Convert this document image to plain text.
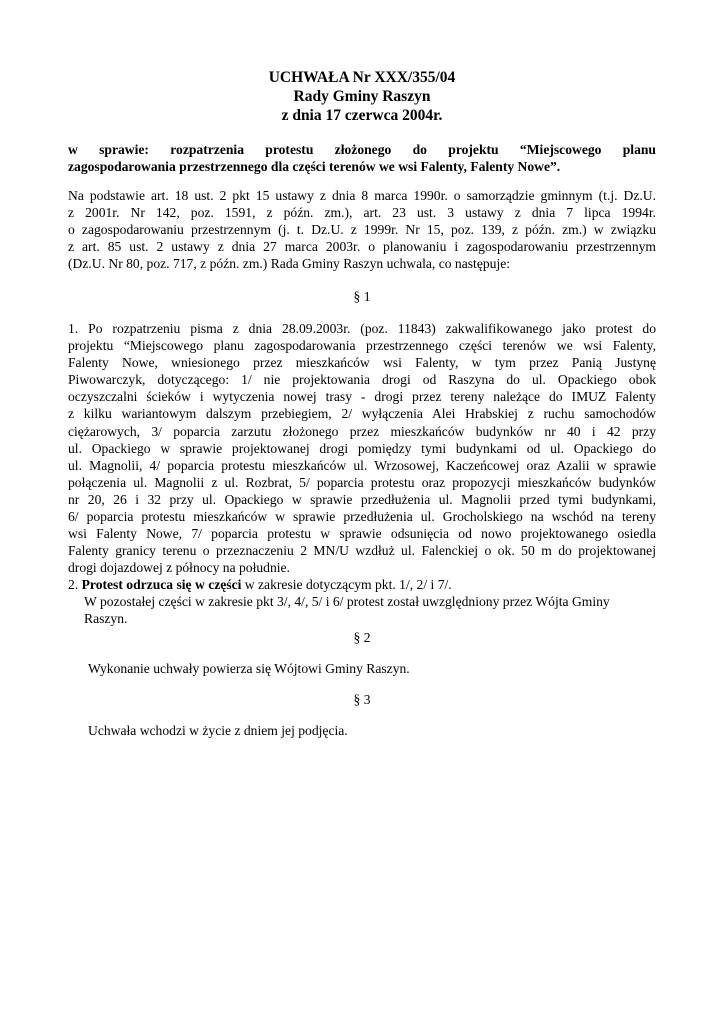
UCHWAŁA Nr XXX/355/04

Rady Gminy Raszyn

z dnia 17 czerwca 2004r.

w sprawie: rozpatrzenia protestu złożonego do projektu “Miejscowego planu
zagospodarowania przestrzennego dla części terenów we wsi Falenty, Falenty Nowe”.

Na podstawie art. 18 ust. 2 pkt 15 ustawy z dnia 8 marca 1990r. o samorządzie gminnym (t.j. Dz.U.
z 2001r. Nr 142, poz. 1591, z późn. zm.), art. 23 ust. 3 ustawy z dnia 7 lipca 1994r.
o zagospodarowaniu przestrzennym (j. t. Dz.U. z 1999r. Nr 15, poz. 139, z późn. zm.) w związku
z art. 85 ust. 2 ustawy z dnia 27 marca 2003r. o planowaniu i zagospodarowaniu przestrzennym
(Dz.U. Nr 80, poz. 717, z późn. zm.) Rada Gminy Raszyn uchwala, co następuje:

§ 1

1. Po rozpatrzeniu pisma z dnia 28.09.2003r. (poz. 11843) zakwalifikowanego jako protest do
projektu “Miejscowego planu zagospodarowania przestrzennego części terenów we wsi Falenty,
Falenty Nowe, wniesionego przez mieszkańców wsi Falenty, w tym przez Panią Justynę
Piwowarczyk, dotyczącego: 1/ nie projektowania drogi od Raszyna do ul. Opackiego obok
oczyszczalni ścieków i wytyczenia nowej trasy - drogi przez tereny należące do IMUZ Falenty
z kilku wariantowym dalszym przebiegiem, 2/ wyłączenia Alei Hrabskiej z ruchu samochodów
ciężarowych, 3/ poparcia zarzutu złożonego przez mieszkańców budynków nr 40 i 42 przy
ul. Opackiego w sprawie projektowanej drogi pomiędzy tymi budynkami od ul. Opackiego do
ul. Magnolii, 4/ poparcia protestu mieszkańców ul. Wrzosowej, Kaczeńcowej oraz Azalii w sprawie
połączenia ul. Magnolii z ul. Rozbrat, 5/ poparcia protestu oraz propozycji mieszkańców budynków
nr 20, 26 i 32 przy ul. Opackiego w sprawie przedłużenia ul. Magnolii przed tymi budynkami,
6/ poparcia protestu mieszkańców w sprawie przedłużenia ul. Grocholskiego na wschód na tereny
wsi Falenty Nowe, 7/ poparcia protestu w sprawie odsunięcia od nowo projektowanego osiedla
Falenty granicy terenu o przeznaczeniu 2 MN/U wzdłuż ul. Falenckiej o ok. 50 m do projektowanej
drogi dojazdowej z północy na południe.

2. Protest odrzuca się w części w zakresie dotyczącym pkt. 1/, 2/ i 7/.

W pozostałej części w zakresie pkt 3/, 4/, 5/ i 6/ protest został uwzględniony przez Wójta Gminy

Raszyn.

§ 2

Wykonanie uchwały powierza się Wójtowi Gminy Raszyn.

§ 3

Uchwała wchodzi w życie z dniem jej podjęcia.
